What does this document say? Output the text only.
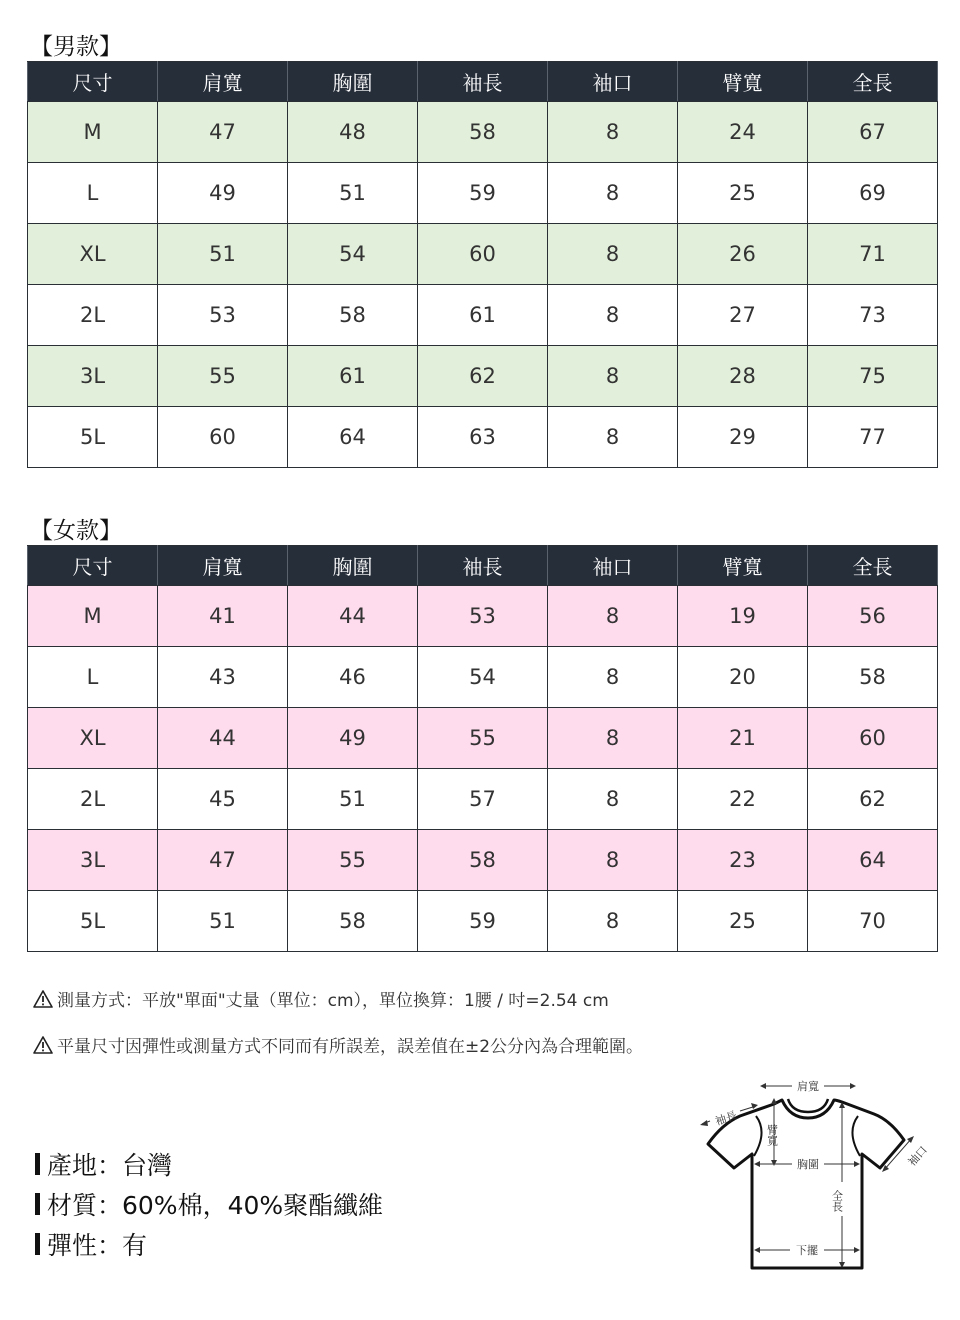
【男款】
尺寸	肩寬	胸圍	袖長	袖口	臂寬	全長
M	47	48	58	8	24	67
L	49	51	59	8	25	69
XL	51	54	60	8	26	71
2L	53	58	61	8	27	73
3L	55	61	62	8	28	75
5L	60	64	63	8	29	77
【女款】
尺寸	肩寬	胸圍	袖長	袖口	臂寬	全長
M	41	44	53	8	19	56
L	43	46	54	8	20	58
XL	44	49	55	8	21	60
2L	45	51	57	8	22	62
3L	47	55	58	8	23	64
5L	51	58	59	8	25	70
測量方式：平放"單面"丈量（單位：cm），單位換算：1腰 / 吋=2.54 cm
平量尺寸因彈性或測量方式不同而有所誤差，誤差值在±2公分內為合理範圍。
產地：台灣
材質：60%棉，40%聚酯纖維
彈性：有
肩寬
袖長
臂寬
胸圍
全長
袖口
下擺
